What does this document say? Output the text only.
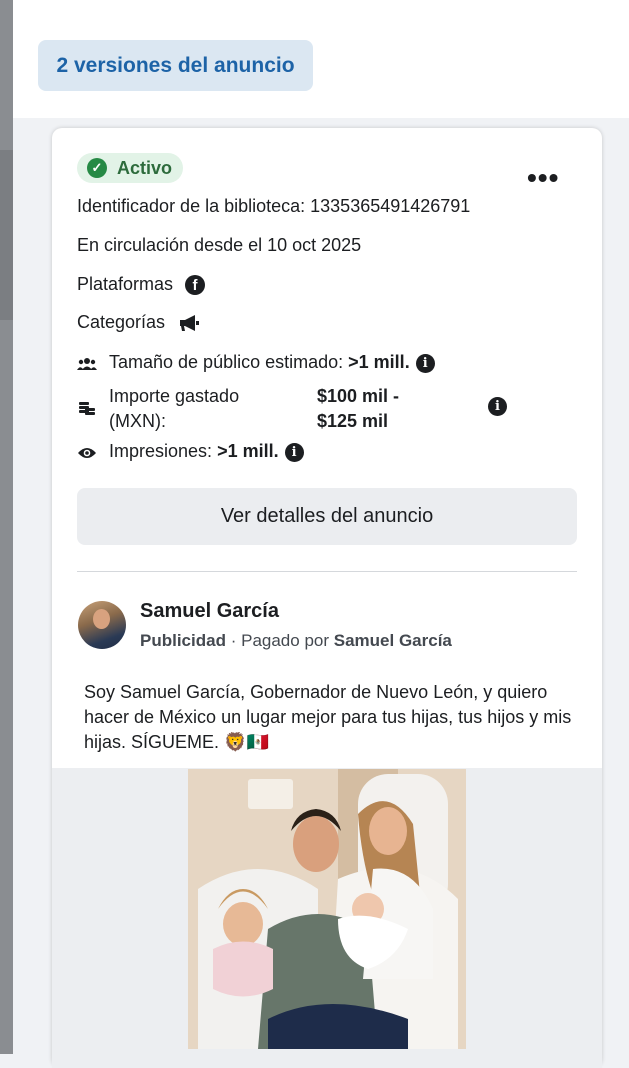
2 versiones del anuncio
✓ Activo	•••
Identificador de la biblioteca: 1335365491426791
En circulación desde el 10 oct 2025
Plataformas f
Categorías
Tamaño de público estimado: >1 mill. i
Importe gastado
(MXN):
$100 mil -
$125 mil
i
Impresiones: >1 mill. i
Ver detalles del anuncio
Samuel García
Publicidad · Pagado por Samuel García
Soy Samuel García, Gobernador de Nuevo León, y quiero hacer de México un lugar mejor para tus hijas, tus hijos y mis hijas. SÍGUEME. 🦁🇲🇽
